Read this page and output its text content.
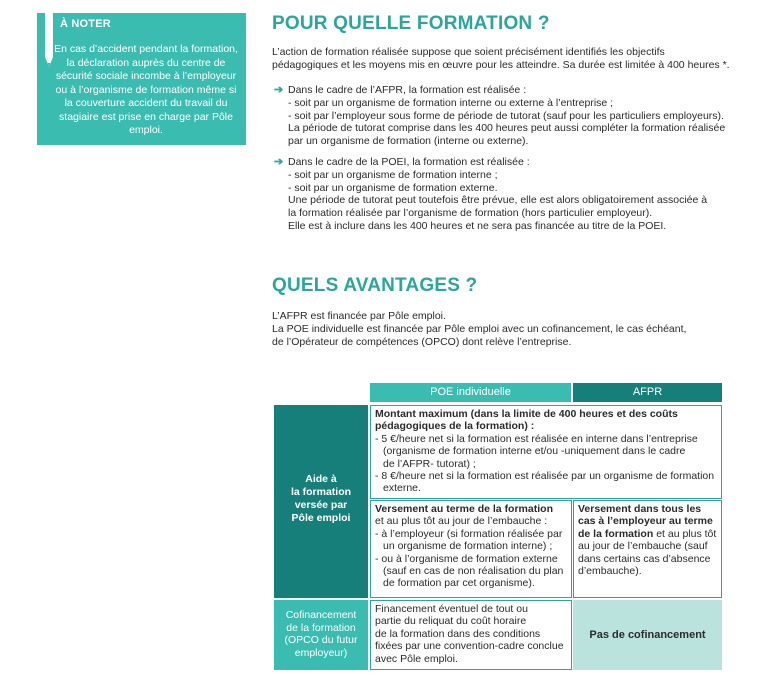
À NOTER
En cas d’accident pendant la formation, la déclaration auprès du centre de sécurité sociale incombe à l’employeur ou à l’organisme de formation même si la couverture accident du travail du stagiaire est prise en charge par Pôle emploi.
POUR QUELLE FORMATION ?
L’action de formation réalisée suppose que soient précisément identifiés les objectifs
pédagogiques et les moyens mis en œuvre pour les atteindre. Sa durée est limitée à 400 heures *.
➔ Dans le cadre de l’AFPR, la formation est réalisée :
- soit par un organisme de formation interne ou externe à l’entreprise ;
- soit par l’employeur sous forme de période de tutorat (sauf pour les particuliers employeurs).
La période de tutorat comprise dans les 400 heures peut aussi compléter la formation réalisée
par un organisme de formation (interne ou externe).
➔ Dans le cadre de la POEI, la formation est réalisée :
- soit par un organisme de formation interne ;
- soit par un organisme de formation externe.
Une période de tutorat peut toutefois être prévue, elle est alors obligatoirement associée à
la formation réalisée par l’organisme de formation (hors particulier employeur).
Elle est à inclure dans les 400 heures et ne sera pas financée au titre de la POEI.
QUELS AVANTAGES ?
L’AFPR est financée par Pôle emploi.
La POE individuelle est financée par Pôle emploi avec un cofinancement, le cas échéant,
de l’Opérateur de compétences (OPCO) dont relève l’entreprise.
POE individuelle	AFPR
Aide à
la formation
versée par
Pôle emploi
Montant maximum (dans la limite de 400 heures et des coûts pédagogiques de la formation) :
- 5 €/heure net si la formation est réalisée en interne dans l’entreprise
(organisme de formation interne et/ou -uniquement dans le cadre
de l’AFPR- tutorat) ;
- 8 €/heure net si la formation est réalisée par un organisme de formation
externe.
Versement au terme de la formation
et au plus tôt au jour de l’embauche :
- à l’employeur (si formation réalisée par
un organisme de formation interne) ;
- ou à l’organisme de formation externe
(sauf en cas de non réalisation du plan
de formation par cet organisme).
Versement dans tous les cas à l’employeur au terme de la formation et au plus tôt au jour de l’embauche (sauf dans certains cas d’absence d’embauche).
Cofinancement
de la formation
(OPCO du futur
employeur)
Financement éventuel de tout ou
partie du reliquat du coût horaire
de la formation dans des conditions
fixées par une convention-cadre conclue
avec Pôle emploi.
Pas de cofinancement
